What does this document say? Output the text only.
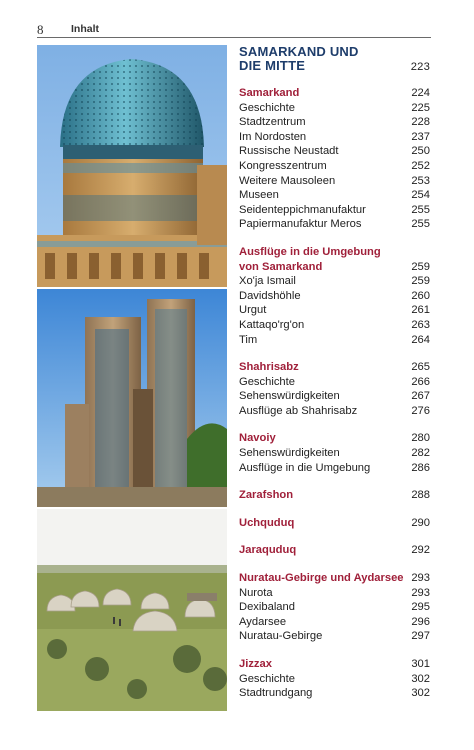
8	Inhalt
SAMARKAND UND
DIE MITTE	223
Samarkand	224
Geschichte	225
Stadtzentrum	228
Im Nordosten	237
Russische Neustadt	250
Kongresszentrum	252
Weitere Mausoleen	253
Museen	254
Seidenteppichmanufaktur	255
Papiermanufaktur Meros	255
Ausflüge in die Umgebung
von Samarkand	259
Xo'ja Ismail	259
Davidshöhle	260
Urgut	261
Kattaqo'rg'on	263
Tim	264
Shahrisabz	265
Geschichte	266
Sehenswürdigkeiten	267
Ausflüge ab Shahrisabz	276
Navoiy	280
Sehenswürdigkeiten	282
Ausflüge in die Umgebung	286
Zarafshon	288
Uchquduq	290
Jaraquduq	292
Nuratau-Gebirge und Aydarsee 293
Nurota	293
Dexibaland	295
Aydarsee	296
Nuratau-Gebirge	297
Jizzax	301
Geschichte	302
Stadtrundgang	302
